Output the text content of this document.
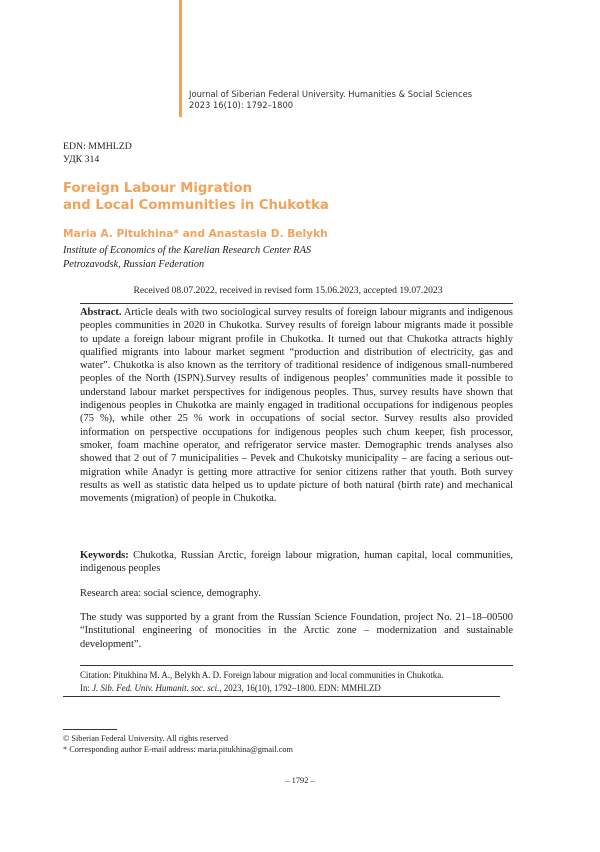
Journal of Siberian Federal University. Humanities & Social Sciences
2023 16(10): 1792–1800
EDN: MMHLZD
УДК 314
Foreign Labour Migration
and Local Communities in Chukotka
Maria A. Pitukhina* and Anastasia D. Belykh
Institute of Economics of the Karelian Research Center RAS
Petrozavodsk, Russian Federation
Received 08.07.2022, received in revised form 15.06.2023, accepted 19.07.2023
Abstract. Article deals with two sociological survey results of foreign labour migrants and indigenous peoples communities in 2020 in Chukotka. Survey results of foreign labour migrants made it possible to update a foreign labour migrant profile in Chukotka. It turned out that Chukotka attracts highly qualified migrants into labour market segment “production and distribution of electricity, gas and water”. Chukotka is also known as the territory of traditional residence of indigenous small-numbered peoples of the North (ISPN).Survey results of indigenous peoples’ communities made it possible to understand labour market perspectives for indigenous peoples. Thus, survey results have shown that indigenous peoples in Chukotka are mainly engaged in traditional occupations for indigenous peoples (75 %), while other 25 % work in occupations of social sector. Survey results also provided information on perspective occupations for indigenous peoples such chum keeper, fish processor, smoker, foam machine operator, and refrigerator service master. Demographic trends analyses also showed that 2 out of 7 municipalities – Pevek and Chukotsky municipality – are facing a serious out-migration while Anadyr is getting more attractive for senior citizens rather that youth. Both survey results as well as statistic data helped us to update picture of both natural (birth rate) and mechanical movements (migration) of people in Chukotka.
Keywords: Chukotka, Russian Arctic, foreign labour migration, human capital, local communities, indigenous peoples
Research area: social science, demography.
The study was supported by a grant from the Russian Science Foundation, project No. 21–18–00500 “Institutional engineering of monocities in the Arctic zone – modernization and sustainable development”.
Citation: Pitukhina M. A., Belykh A. D. Foreign labour migration and local communities in Chukotka.
In: J. Sib. Fed. Univ. Humanit. soc. sci., 2023, 16(10), 1792–1800. EDN: MMHLZD
© Siberian Federal University. All rights reserved
* Corresponding author E-mail address: maria.pitukhina@gmail.com
– 1792 –
